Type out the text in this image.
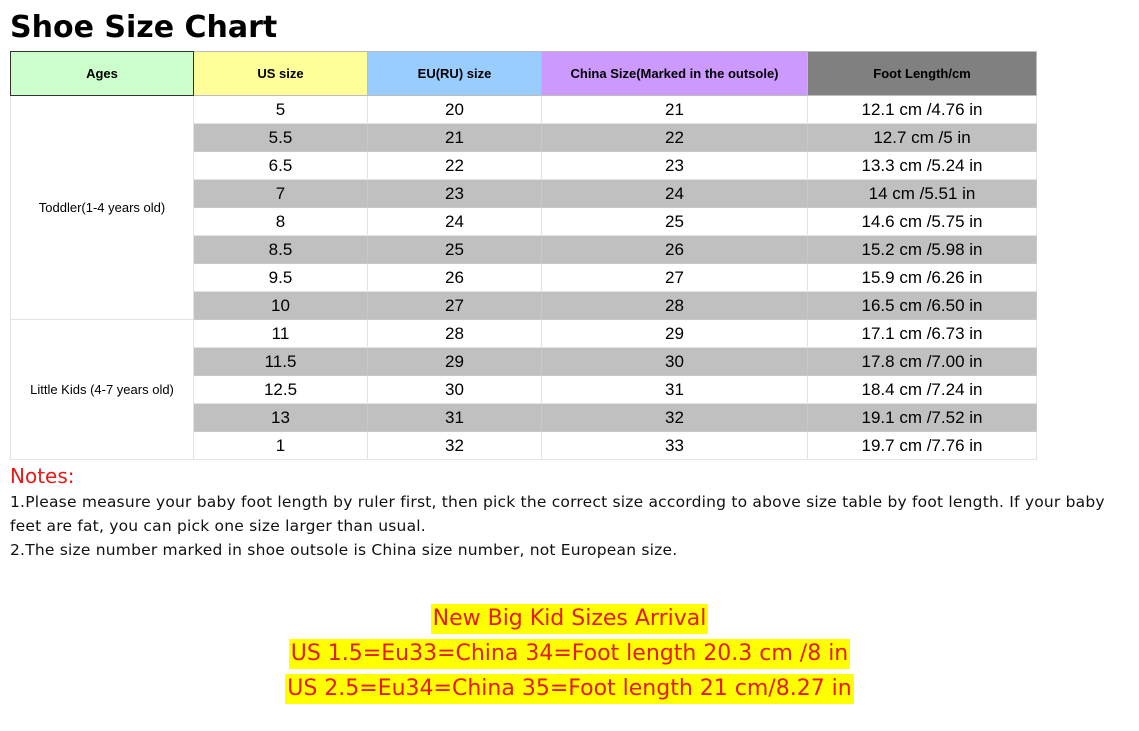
Shoe Size Chart
Ages	US size	EU(RU) size	China Size(Marked in the outsole)	Foot Length/cm
Toddler(1-4 years old)	5	20	21	12.1 cm /4.76 in
	5.5	21	22	12.7 cm /5 in
	6.5	22	23	13.3 cm /5.24 in
	7	23	24	14 cm /5.51 in
	8	24	25	14.6 cm /5.75 in
	8.5	25	26	15.2 cm /5.98 in
	9.5	26	27	15.9 cm /6.26 in
	10	27	28	16.5 cm /6.50 in
Little Kids (4-7 years old)	11	28	29	17.1 cm /6.73 in
	11.5	29	30	17.8 cm /7.00 in
	12.5	30	31	18.4 cm /7.24 in
	13	31	32	19.1 cm /7.52 in
	1	32	33	19.7 cm /7.76 in
Notes:
1.Please measure your baby foot length by ruler first, then pick the correct size according to above size table by foot length. If your baby feet are fat, you can pick one size larger than usual.
2.The size number marked in shoe outsole is China size number, not European size.
New Big Kid Sizes Arrival
US 1.5=Eu33=China 34=Foot length 20.3 cm /8 in
US 2.5=Eu34=China 35=Foot length 21 cm/8.27 in
